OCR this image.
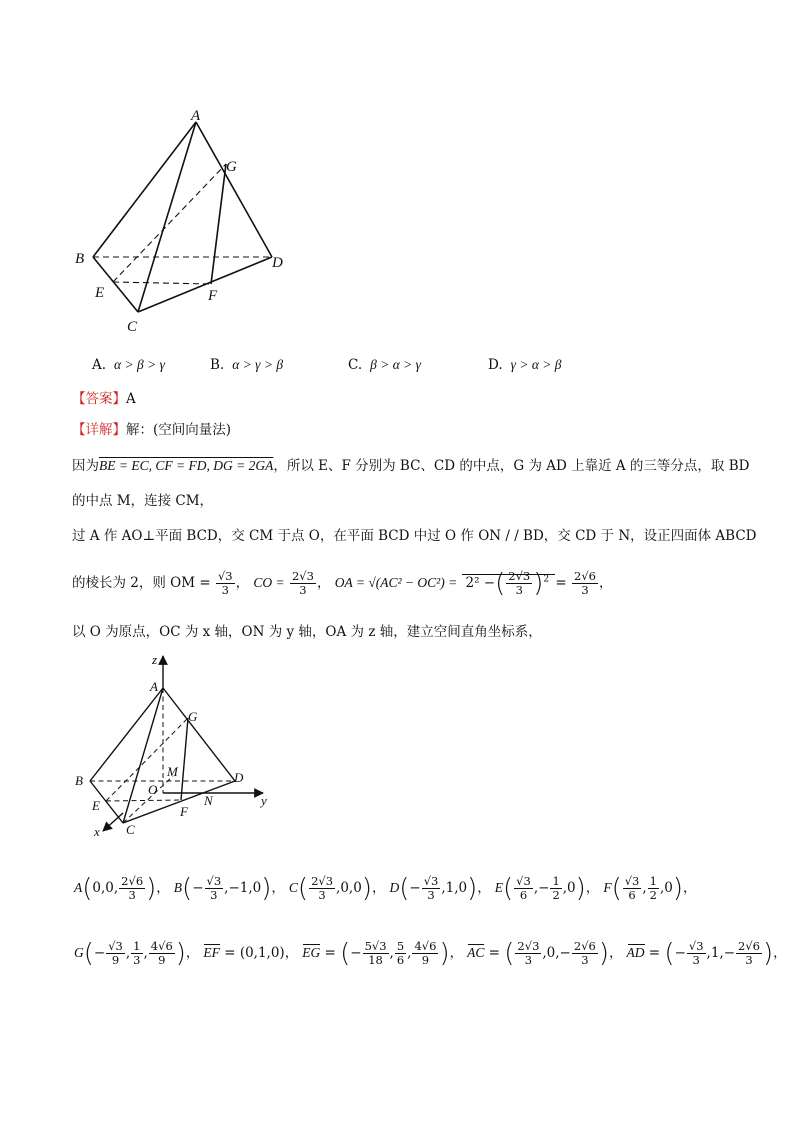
A
G
B	D
E	F
C
A. α > β > γ	B. α > γ > β	C. β > α > γ	D. γ > α > β
【答案】A
【详解】解：(空间向量法)
因为BE = EC, CF = FD, DG = 2GA，所以 E、F 分别为 BC、CD 的中点，G 为 AD 上靠近 A 的三等分点，取 BD
的中点 M，连接 CM，
过 A 作 AO⊥平面 BCD，交 CM 于点 O，在平面 BCD 中过 O 作 ON / / BD，交 CD 于 N，设正四面体 ABCD
的棱长为 2，则 OM = $\frac{√3}{3}$ ， CO = $\frac{2√3}{3}$ ， OA = √(AC² − OC²) = 2² −( $\frac{2√3}{3} )^2 = \frac{2√6}{3}$ ，
以 O 为原点，OC 为 x 轴，ON 为 y 轴，OA 为 z 轴，建立空间直角坐标系，
z
y
x
A
G
B	D
M
O
N
E	F
C
A(0,0, $\frac{2√6}{3}$ )， $B(- \frac{√3}{3} ,-1,0)$， $C( \frac{2√3}{3} ,0,0)$， $D(- \frac{√3}{3} ,1,0)$， $E( \frac{√3}{6}$ ,− $\frac{1}{2} ,0$)， $F( \frac{√3}{6}$ , $\frac{1}{2} ,0$)，
$G(- \frac{√3}{9}$ , $\frac{1}{3}$ , $\frac{4√6}{9}$ )， EF = (0,1,0)， EG = (− $\frac{5√3}{18}$ , $\frac{5}{6}$ , $\frac{4√6}{9}$ )， AC = ( $\frac{2√3}{3} ,0,- \frac{2√6}{3}$ )， AD = (− $\frac{√3}{3} ,1,- \frac{2√6}{3}$ )，
